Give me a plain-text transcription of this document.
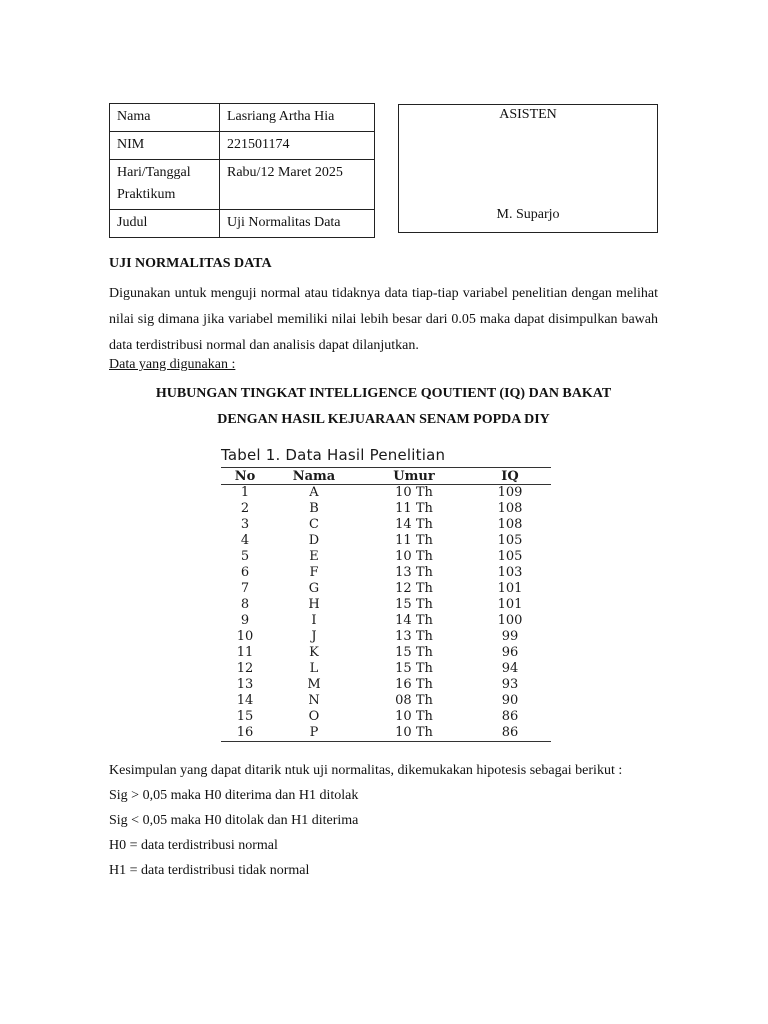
Nama	Lasriang Artha Hia
NIM	221501174
Hari/Tanggal Praktikum	Rabu/12 Maret 2025
Judul	Uji Normalitas Data
ASISTEN
M. Suparjo
UJI NORMALITAS DATA
Digunakan untuk menguji normal atau tidaknya data tiap-tiap variabel penelitian dengan melihat nilai sig dimana jika variabel memiliki nilai lebih besar dari 0.05 maka dapat disimpulkan bawah data terdistribusi normal dan analisis dapat dilanjutkan.
Data yang digunakan :
HUBUNGAN TINGKAT INTELLIGENCE QOUTIENT (IQ) DAN BAKAT
DENGAN HASIL KEJUARAAN SENAM POPDA DIY
Tabel 1. Data Hasil Penelitian
No	Nama	Umur	IQ
1	A	10 Th	109
2	B	11 Th	108
3	C	14 Th	108
4	D	11 Th	105
5	E	10 Th	105
6	F	13 Th	103
7	G	12 Th	101
8	H	15 Th	101
9	I	14 Th	100
10	J	13 Th	99
11	K	15 Th	96
12	L	15 Th	94
13	M	16 Th	93
14	N	08 Th	90
15	O	10 Th	86
16	P	10 Th	86

Kesimpulan yang dapat ditarik ntuk uji normalitas, dikemukakan hipotesis sebagai berikut :

Sig > 0,05 maka H0 diterima dan H1 ditolak

Sig < 0,05 maka H0 ditolak dan H1 diterima

H0 = data terdistribusi normal

H1 = data terdistribusi tidak normal
